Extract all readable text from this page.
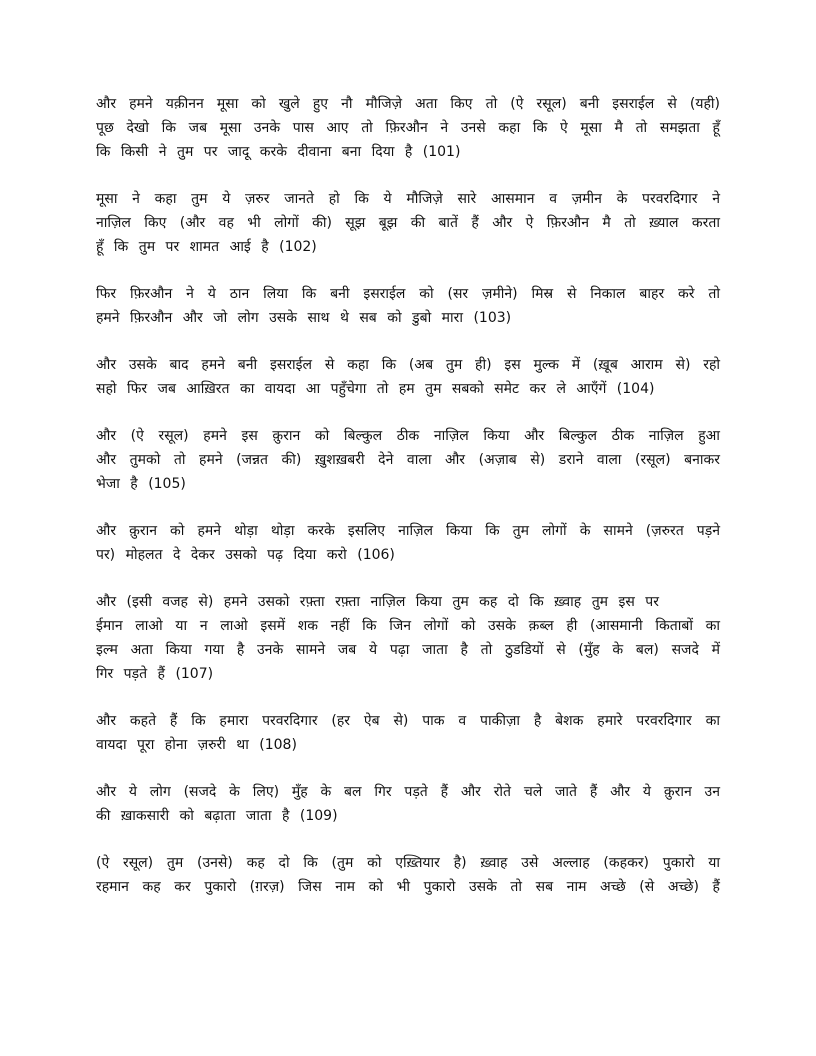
और हमने यक़ीनन मूसा को खुले हुए नौ मौजिज़े अता किए तो (ऐ रसूल) बनी इसराईल से (यही)
पूछ देखो कि जब मूसा उनके पास आए तो फ़िरऔन ने उनसे कहा कि ऐ मूसा मै तो समझता हूँ
कि किसी ने तुम पर जादू करके दीवाना बना दिया है (101)
मूसा ने कहा तुम ये ज़रुर जानते हो कि ये मौजिज़े सारे आसमान व ज़मीन के परवरदिगार ने
नाज़िल किए (और वह भी लोगों की) सूझ बूझ की बातें हैं और ऐ फ़िरऔन मै तो ख़्याल करता
हूँ कि तुम पर शामत आई है (102)
फिर फ़िरऔन ने ये ठान लिया कि बनी इसराईल को (सर ज़मीने) मिस्र से निकाल बाहर करे तो
हमने फ़िरऔन और जो लोग उसके साथ थे सब को डुबो मारा (103)
और उसके बाद हमने बनी इसराईल से कहा कि (अब तुम ही) इस मुल्क में (ख़ूब आराम से) रहो
सहो फिर जब आख़िरत का वायदा आ पहुँचेगा तो हम तुम सबको समेट कर ले आएँगें (104)
और (ऐ रसूल) हमने इस क़ुरान को बिल्कुल ठीक नाज़िल किया और बिल्कुल ठीक नाज़िल हुआ
और तुमको तो हमने (जन्नत की) ख़ुशख़बरी देने वाला और (अज़ाब से) डराने वाला (रसूल) बनाकर
भेजा है (105)
और क़ुरान को हमने थोड़ा थोड़ा करके इसलिए नाज़िल किया कि तुम लोगों के सामने (ज़रुरत पड़ने
पर) मोहलत दे देकर उसको पढ़ दिया करो (106)
और (इसी वजह से) हमने उसको रफ़्ता रफ़्ता नाज़िल किया तुम कह दो कि ख़्वाह तुम इस पर
ईमान लाओ या न लाओ इसमें शक नहीं कि जिन लोगों को उसके क़ब्ल ही (आसमानी किताबों का
इल्म अता किया गया है उनके सामने जब ये पढ़ा जाता है तो ठुडडियों से (मुँह के बल) सजदे में
गिर पड़ते हैं (107)
और कहते हैं कि हमारा परवरदिगार (हर ऐब से) पाक व पाकीज़ा है बेशक हमारे परवरदिगार का
वायदा पूरा होना ज़रुरी था (108)
और ये लोग (सजदे के लिए) मुँह के बल गिर पड़ते हैं और रोते चले जाते हैं और ये क़ुरान उन
की ख़ाकसारी को बढ़ाता जाता है (109)
(ऐ रसूल) तुम (उनसे) कह दो कि (तुम को एख़्तियार है) ख़्वाह उसे अल्लाह (कहकर) पुकारो या
रहमान कह कर पुकारो (ग़रज़) जिस नाम को भी पुकारो उसके तो सब नाम अच्छे (से अच्छे) हैं
